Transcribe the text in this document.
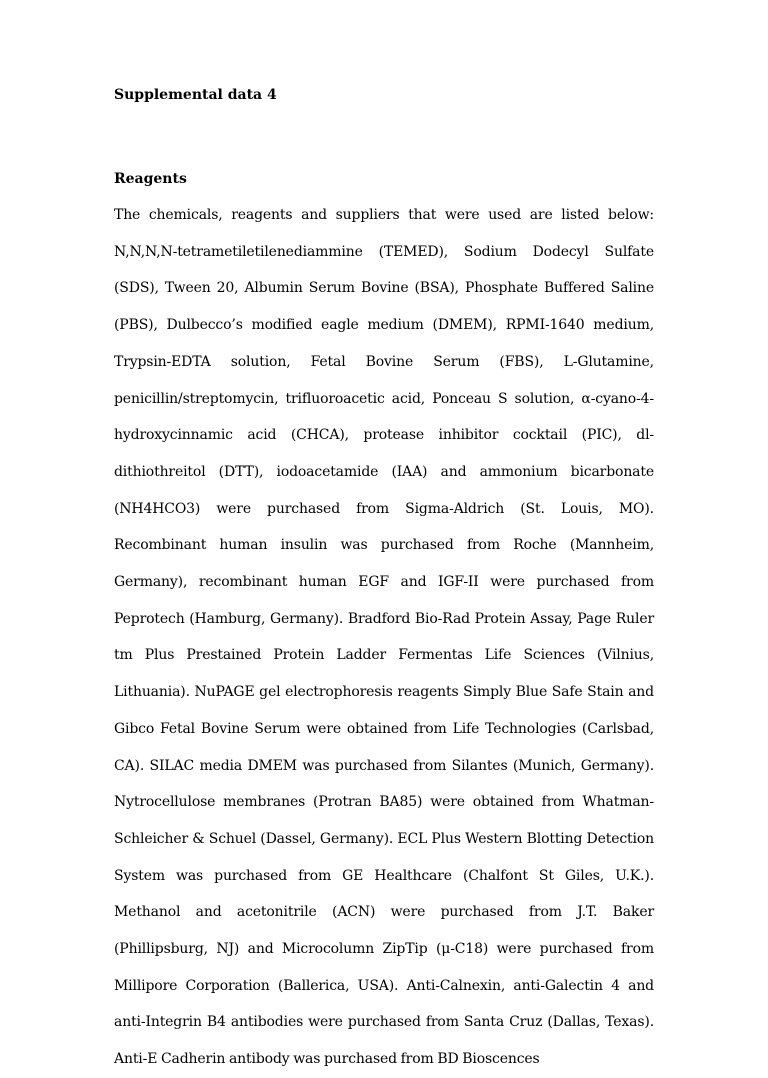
Supplemental data 4
Reagents

The chemicals, reagents and suppliers that were used are listed below: N,N,N,N-tetrametiletilenediammine (TEMED), Sodium Dodecyl Sulfate (SDS), Tween 20, Albumin Serum Bovine (BSA), Phosphate Buffered Saline (PBS), Dulbecco’s modified eagle medium (DMEM), RPMI-1640 medium, Trypsin-EDTA solution, Fetal Bovine Serum (FBS), L-Glutamine, penicillin/streptomycin, trifluoroacetic acid, Ponceau S solution, α-cyano-4-hydroxycinnamic acid (CHCA), protease inhibitor cocktail (PIC), dl-dithiothreitol (DTT), iodoacetamide (IAA) and ammonium bicarbonate (NH4HCO3) were purchased from Sigma-Aldrich (St. Louis, MO). Recombinant human insulin was purchased from Roche (Mannheim, Germany), recombinant human EGF and IGF-II were purchased from Peprotech (Hamburg, Germany). Bradford Bio-Rad Protein Assay, Page Ruler tm Plus Prestained Protein Ladder Fermentas Life Sciences (Vilnius, Lithuania). NuPAGE gel electrophoresis reagents Simply Blue Safe Stain and Gibco Fetal Bovine Serum were obtained from Life Technologies (Carlsbad, CA). SILAC media DMEM was purchased from Silantes (Munich, Germany). Nytrocellulose membranes (Protran BA85) were obtained from Whatman-Schleicher & Schuel (Dassel, Germany). ECL Plus Western Blotting Detection System was purchased from GE Healthcare (Chalfont St Giles, U.K.). Methanol and acetonitrile (ACN) were purchased from J.T. Baker (Phillipsburg, NJ) and Microcolumn ZipTip (μ-C18) were purchased from Millipore Corporation (Ballerica, USA). Anti-Calnexin, anti-Galectin 4 and anti-Integrin B4 antibodies were purchased from Santa Cruz (Dallas, Texas). Anti-E Cadherin antibody was purchased from BD Bioscences
